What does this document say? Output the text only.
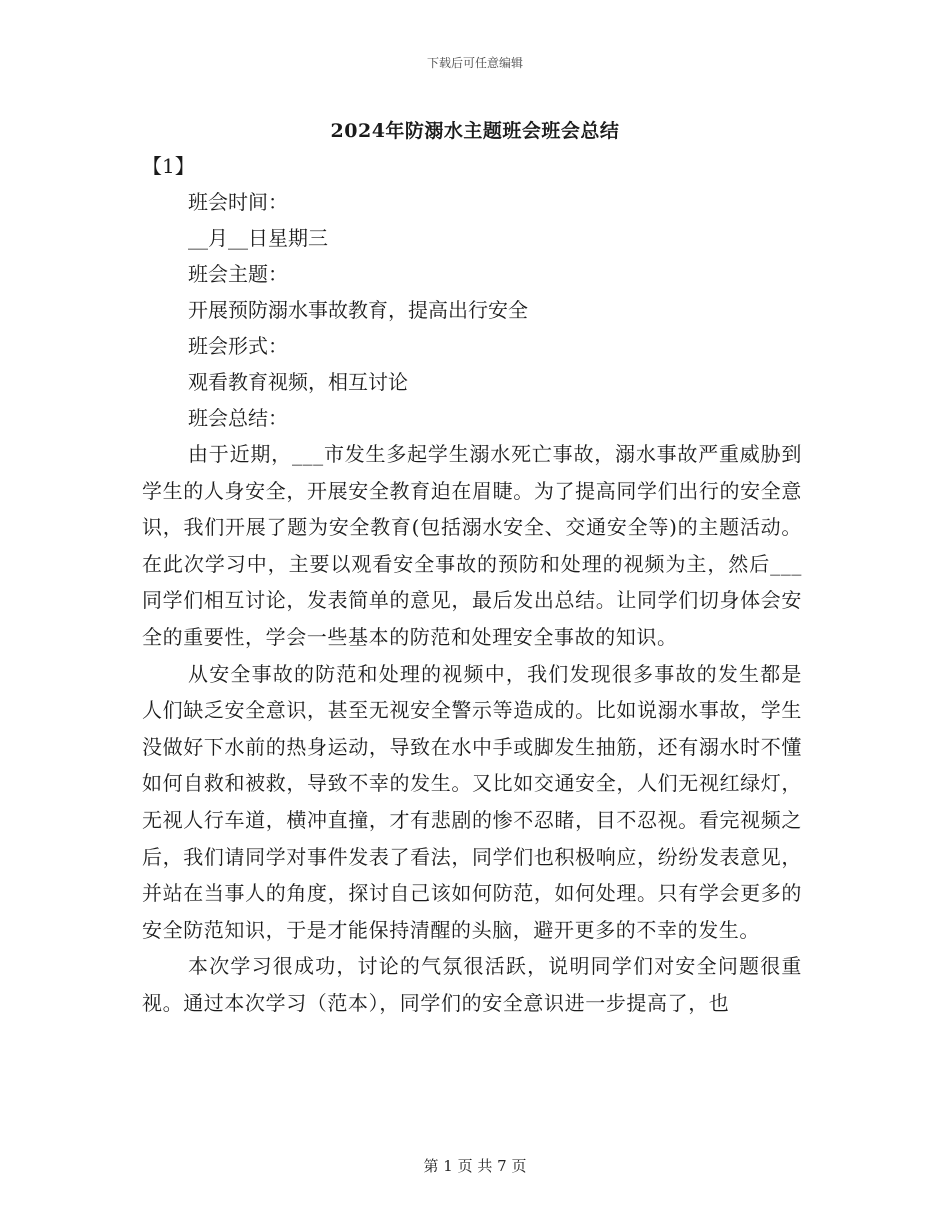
下载后可任意编辑
2024年防溺水主题班会班会总结
【1】
班会时间：
__月__日星期三
班会主题：
开展预防溺水事故教育，提高出行安全
班会形式：
观看教育视频，相互讨论
班会总结：

由于近期，___市发生多起学生溺水死亡事故，溺水事故严重威胁到学生的人身安全，开展安全教育迫在眉睫。为了提高同学们出行的安全意识，我们开展了题为安全教育(包括溺水安全、交通安全等)的主题活动。在此次学习中，主要以观看安全事故的预防和处理的视频为主，然后___同学们相互讨论，发表简单的意见，最后发出总结。让同学们切身体会安全的重要性，学会一些基本的防范和处理安全事故的知识。

从安全事故的防范和处理的视频中，我们发现很多事故的发生都是人们缺乏安全意识，甚至无视安全警示等造成的。比如说溺水事故，学生没做好下水前的热身运动，导致在水中手或脚发生抽筋，还有溺水时不懂如何自救和被救，导致不幸的发生。又比如交通安全，人们无视红绿灯，无视人行车道，横冲直撞，才有悲剧的惨不忍睹，目不忍视。看完视频之后，我们请同学对事件发表了看法，同学们也积极响应，纷纷发表意见，并站在当事人的角度，探讨自己该如何防范，如何处理。只有学会更多的安全防范知识，于是才能保持清醒的头脑，避开更多的不幸的发生。

本次学习很成功，讨论的气氛很活跃，说明同学们对安全问题很重视。通过本次学习（范本），同学们的安全意识进一步提高了，也

第 1 页 共 7 页
